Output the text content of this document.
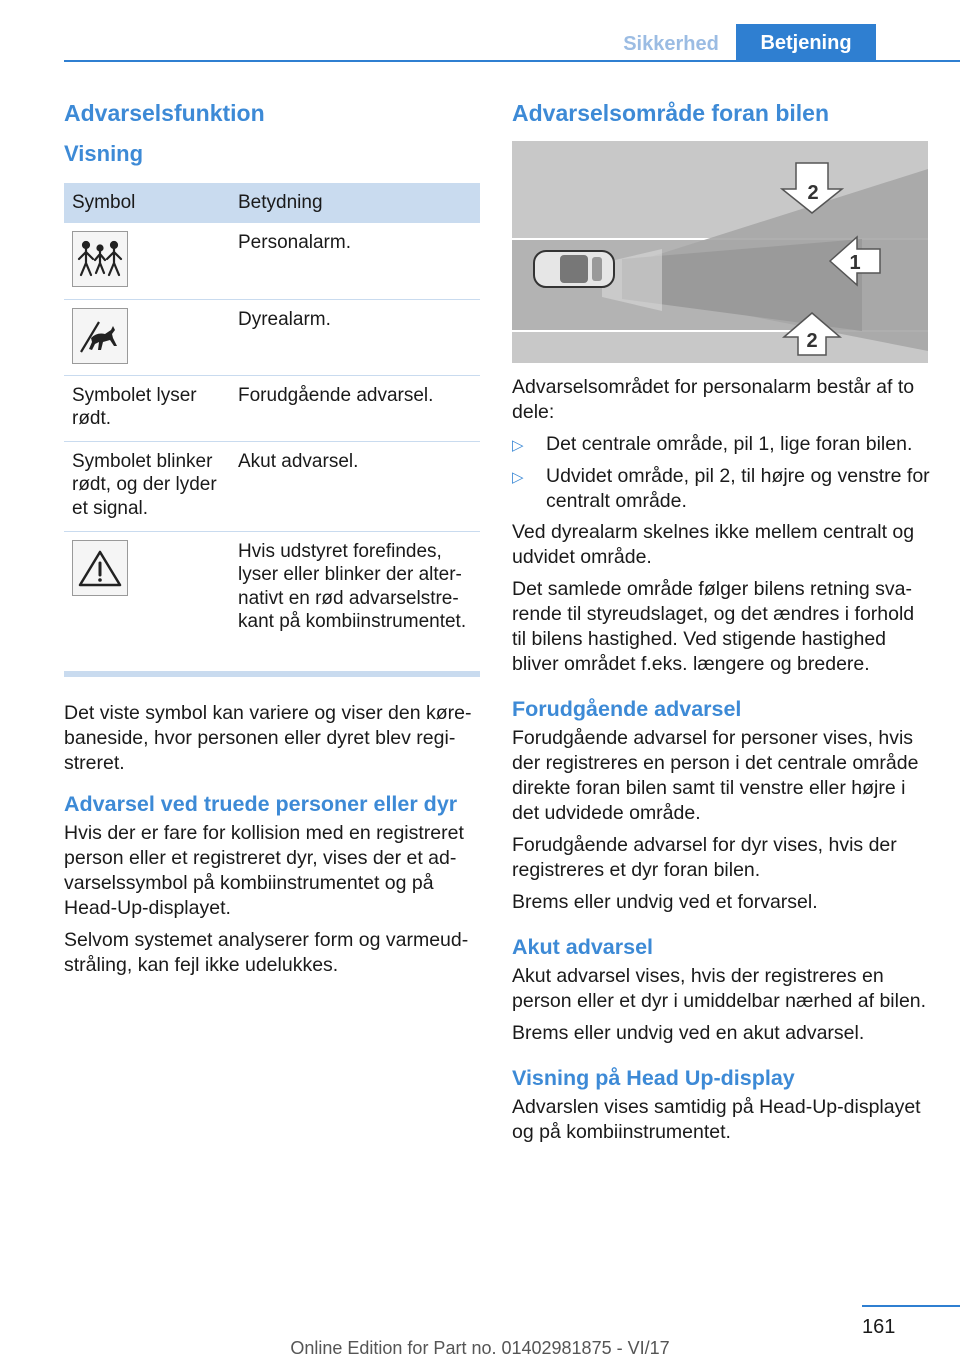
Sikkerhed	Betjening
Advarselsfunktion
Visning
Symbol	Betydning

	Personalarm.

	Dyrealarm.
Symbolet lyser rødt.	Forudgående advarsel.
Symbolet blinker rødt, og der lyder et signal.	Akut advarsel.

	Hvis udstyret forefindes, lyser eller blinker der alternativt en rød advarselstrekant på kombiinstrumentet.

Det viste symbol kan variere og viser den kørebaneside, hvor personen eller dyret blev registreret.

Advarsel ved truede personer eller dyr

Hvis der er fare for kollision med en registreret person eller et registreret dyr, vises der et advarselssymbol på kombiinstrumentet og på Head-Up-displayet.

Selvom systemet analyserer form og varmeudstråling, kan fejl ikke udelukkes.

Advarselsområde foran bilen
2
1
2

Advarselsområdet for personalarm består af to dele:

▷	Det centrale område, pil 1, lige foran bilen.
▷	Udvidet område, pil 2, til højre og venstre for centralt område.

Ved dyrealarm skelnes ikke mellem centralt og udvidet område.

Det samlede område følger bilens retning svarende til styreudslaget, og det ændres i forhold til bilens hastighed. Ved stigende hastighed bliver området f.eks. længere og bredere.

Forudgående advarsel

Forudgående advarsel for personer vises, hvis der registreres en person i det centrale område direkte foran bilen samt til venstre eller højre i det udvidede område.

Forudgående advarsel for dyr vises, hvis der registreres et dyr foran bilen.

Brems eller undvig ved et forvarsel.

Akut advarsel

Akut advarsel vises, hvis der registreres en person eller et dyr i umiddelbar nærhed af bilen.

Brems eller undvig ved en akut advarsel.

Visning på Head Up-display

Advarslen vises samtidig på Head-Up-displayet og på kombiinstrumentet.

161
Online Edition for Part no. 01402981875 - VI/17
